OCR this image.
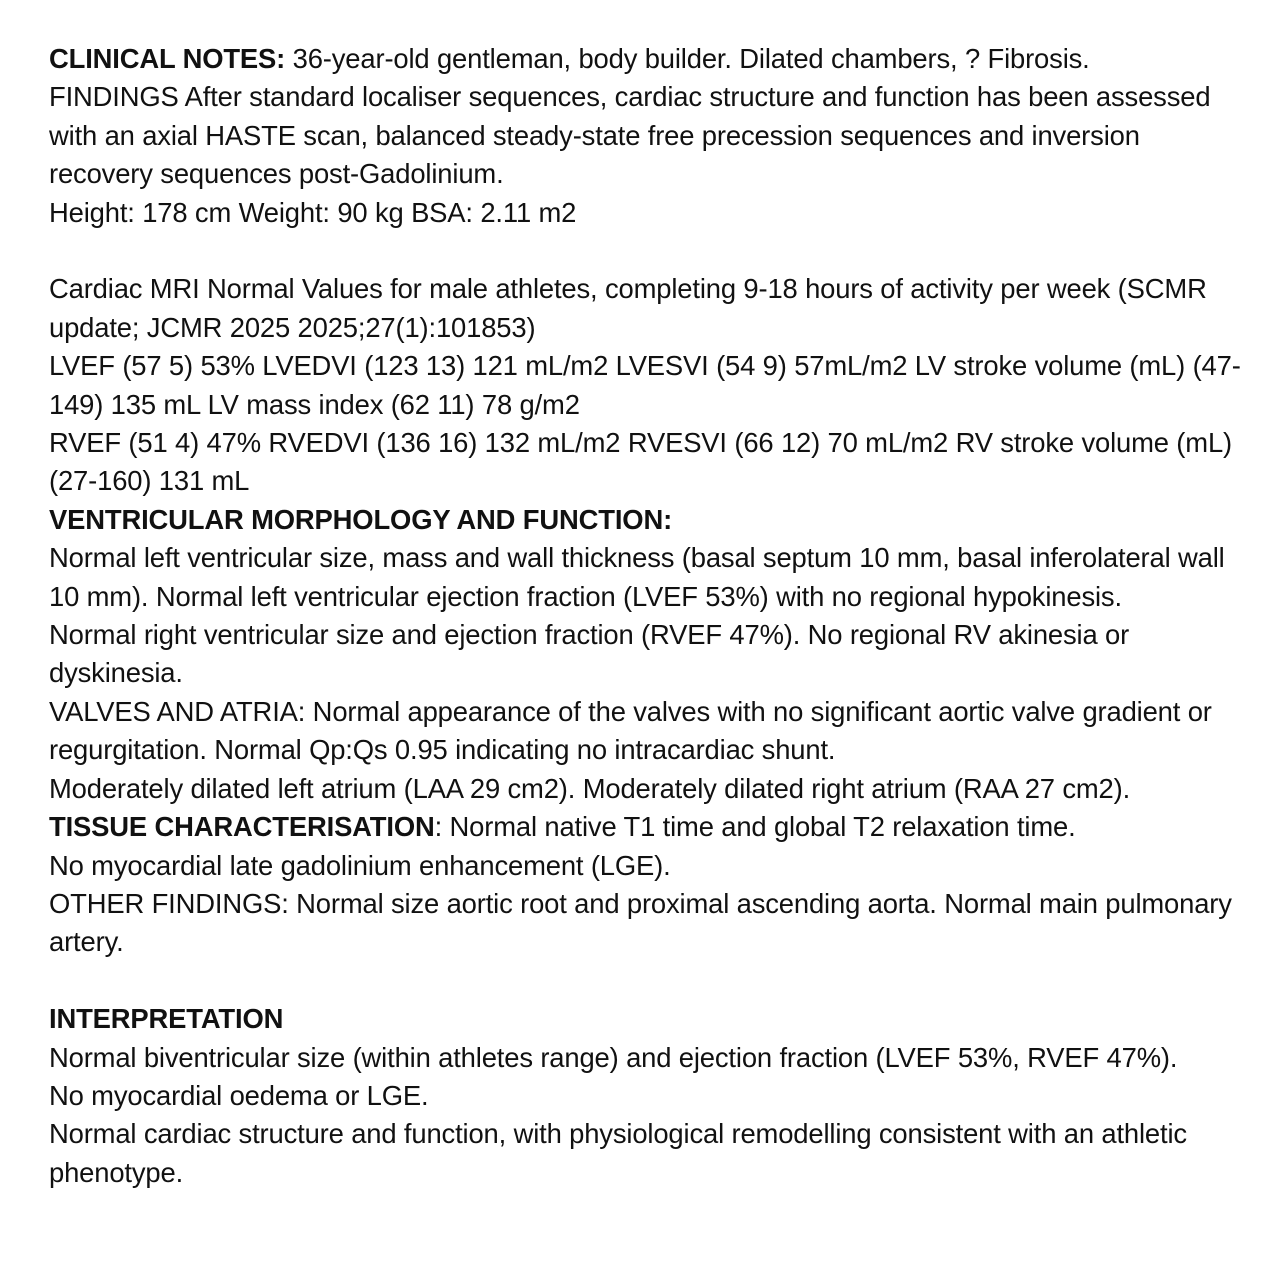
CLINICAL NOTES: 36-year-old gentleman, body builder. Dilated chambers, ? Fibrosis.

FINDINGS After standard localiser sequences, cardiac structure and function has been assessed with an axial HASTE scan, balanced steady-state free precession sequences and inversion recovery sequences post-Gadolinium.

Height: 178 cm Weight: 90 kg BSA: 2.11 m2

Cardiac MRI Normal Values for male athletes, completing 9-18 hours of activity per week (SCMR update; JCMR 2025 2025;27(1):101853)

LVEF (57 5) 53% LVEDVI (123 13) 121 mL/m2 LVESVI (54 9) 57mL/m2 LV stroke volume (mL) (47-149) 135 mL LV mass index (62 11) 78 g/m2

RVEF (51 4) 47% RVEDVI (136 16) 132 mL/m2 RVESVI (66 12) 70 mL/m2 RV stroke volume (mL) (27-160) 131 mL

VENTRICULAR MORPHOLOGY AND FUNCTION:

Normal left ventricular size, mass and wall thickness (basal septum 10 mm, basal inferolateral wall 10 mm). Normal left ventricular ejection fraction (LVEF 53%) with no regional hypokinesis.

Normal right ventricular size and ejection fraction (RVEF 47%). No regional RV akinesia or dyskinesia.

VALVES AND ATRIA: Normal appearance of the valves with no significant aortic valve gradient or regurgitation. Normal Qp:Qs 0.95 indicating no intracardiac shunt.

Moderately dilated left atrium (LAA 29 cm2). Moderately dilated right atrium (RAA 27 cm2).

TISSUE CHARACTERISATION: Normal native T1 time and global T2 relaxation time.

No myocardial late gadolinium enhancement (LGE).

OTHER FINDINGS: Normal size aortic root and proximal ascending aorta. Normal main pulmonary artery.

INTERPRETATION

Normal biventricular size (within athletes range) and ejection fraction (LVEF 53%, RVEF 47%).

No myocardial oedema or LGE.

Normal cardiac structure and function, with physiological remodelling consistent with an athletic phenotype.
